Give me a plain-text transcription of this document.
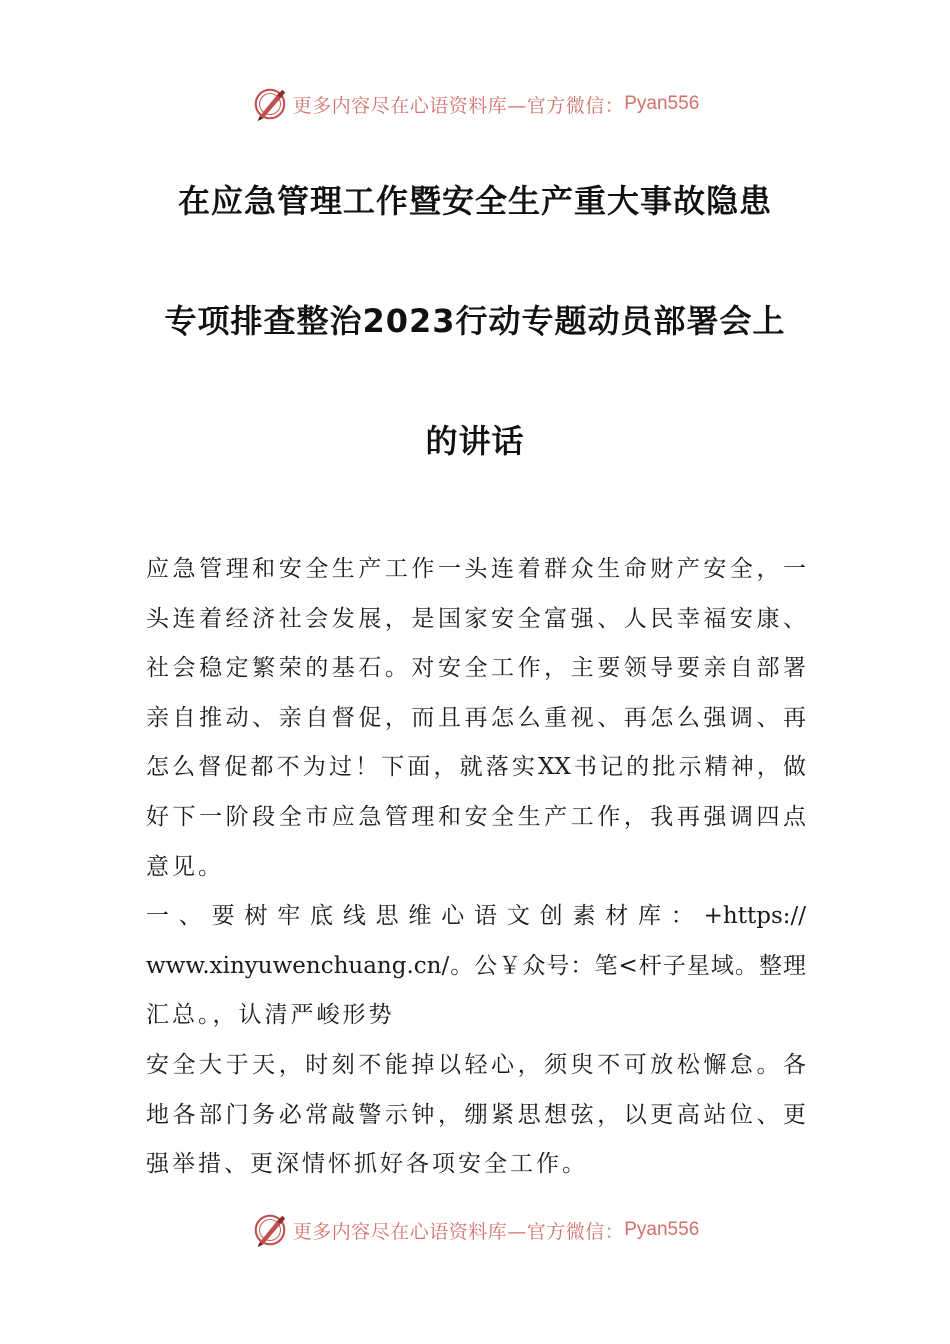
更多内容尽在心语资料库—官方微信： Pyan556
在应急管理工作暨安全生产重大事故隐患
专项排查整治2023行动专题动员部署会上
的讲话
应急管理和安全生产工作一头连着群众生命财产安全，一
头连着经济社会发展，是国家安全富强、人民幸福安康、
社会稳定繁荣的基石。对安全工作，主要领导要亲自部署
亲自推动、亲自督促，而且再怎么重视、再怎么强调、再
怎么督促都不为过！下面，就落实XX书记的批示精神，做
好下一阶段全市应急管理和安全生产工作，我再强调四点
意见。
一、要树牢底线思维心语文创素材库：+https://
www.xinyuwenchuang.cn/。公￥众号：笔<杆子星域。整理
汇总。，认清严峻形势
安全大于天，时刻不能掉以轻心，须臾不可放松懈怠。各
地各部门务必常敲警示钟，绷紧思想弦，以更高站位、更
强举措、更深情怀抓好各项安全工作。
更多内容尽在心语资料库—官方微信： Pyan556
